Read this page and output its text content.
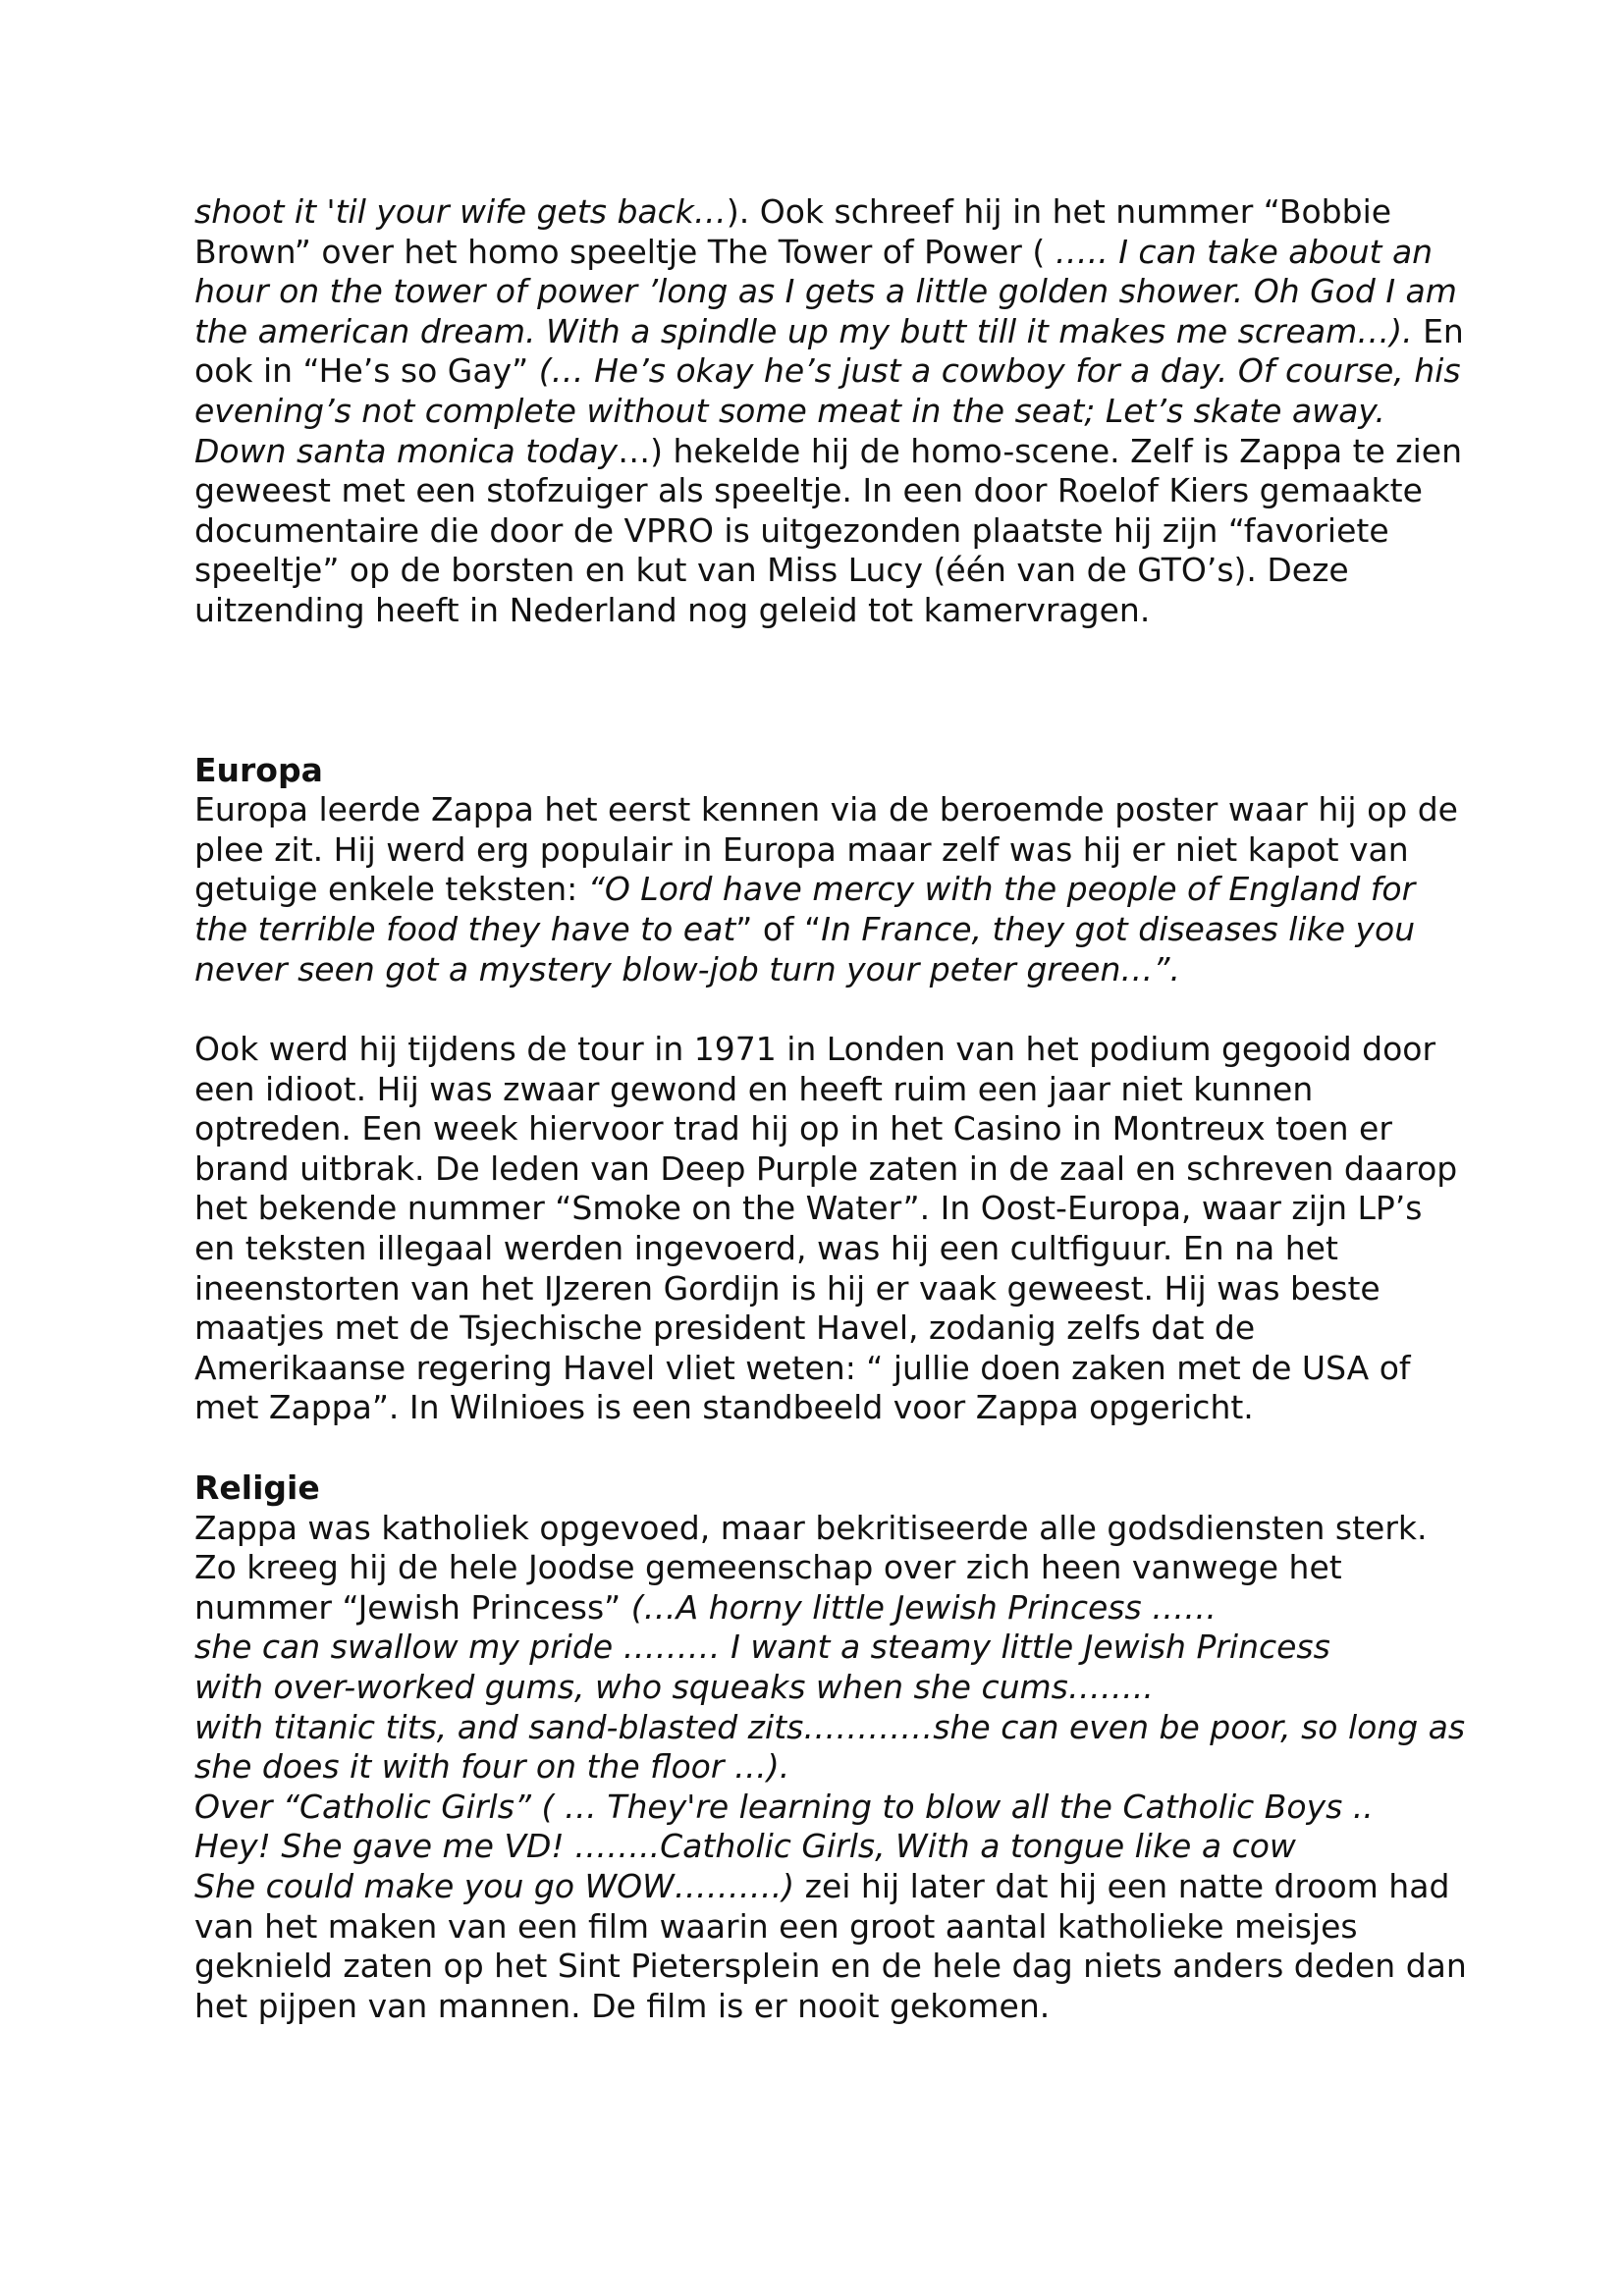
shoot it 'til your wife gets back…). Ook schreef hij in het nummer “Bobbie Brown” over het homo speeltje The Tower of Power ( ….. I can take about an hour on the tower of power ’long as I gets a little golden shower. Oh God I am the american dream. With a spindle up my butt till it makes me scream…). En ook in “He’s so Gay” (… He’s okay he’s just a cowboy for a day. Of course, his evening’s not complete without some meat in the seat; Let’s skate away. Down santa monica today…) hekelde hij de homo-scene. Zelf is Zappa te zien geweest met een stofzuiger als speeltje. In een door Roelof Kiers gemaakte documentaire die door de VPRO is uitgezonden plaatste hij zijn “favoriete speeltje” op de borsten en kut van Miss Lucy (één van de GTO’s). Deze uitzending heeft in Nederland nog geleid tot kamervragen.

Europa

Europa leerde Zappa het eerst kennen via de beroemde poster waar hij op de plee zit. Hij werd erg populair in Europa maar zelf was hij er niet kapot van getuige enkele teksten: “O Lord have mercy with the people of England for the terrible food they have to eat” of “In France, they got diseases like you never seen got a mystery blow-job turn your peter green…”.

Ook werd hij tijdens de tour in 1971 in Londen van het podium gegooid door een idioot. Hij was zwaar gewond en heeft ruim een jaar niet kunnen optreden. Een week hiervoor trad hij op in het Casino in Montreux toen er brand uitbrak. De leden van Deep Purple zaten in de zaal en schreven daarop het bekende nummer “Smoke on the Water”. In Oost-Europa, waar zijn LP’s en teksten illegaal werden ingevoerd, was hij een cultfiguur. En na het ineenstorten van het IJzeren Gordijn is hij er vaak geweest. Hij was beste maatjes met de Tsjechische president Havel, zodanig zelfs dat de Amerikaanse regering Havel vliet weten: “ jullie doen zaken met de USA of met Zappa”. In Wilnioes is een standbeeld voor Zappa opgericht.

Religie

Zappa was katholiek opgevoed, maar bekritiseerde alle godsdiensten sterk. Zo kreeg hij de hele Joodse gemeenschap over zich heen vanwege het nummer “Jewish Princess” (…A horny little Jewish Princess ……
she can swallow my pride ……… I want a steamy little Jewish Princess
with over-worked gums, who squeaks when she cums……..
with titanic tits, and sand-blasted zits…………she can even be poor, so long as she does it with four on the floor …).
Over “Catholic Girls” ( … They're learning to blow all the Catholic Boys ..
Hey! She gave me VD! ……..Catholic Girls, With a tongue like a cow
She could make you go WOW……….) zei hij later dat hij een natte droom had van het maken van een film waarin een groot aantal katholieke meisjes geknield zaten op het Sint Pietersplein en de hele dag niets anders deden dan het pijpen van mannen. De film is er nooit gekomen.
